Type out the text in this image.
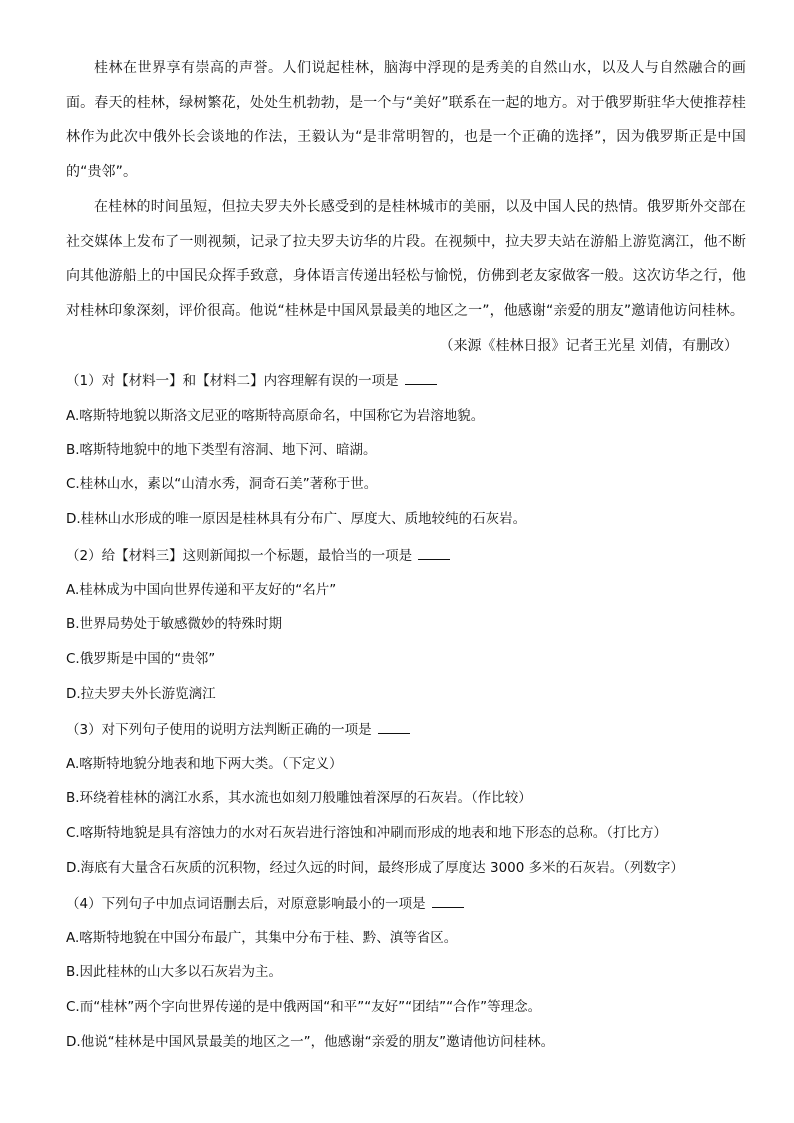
桂林在世界享有崇高的声誉。人们说起桂林，脑海中浮现的是秀美的自然山水，以及人与自然融合的画面。春天的桂林，绿树繁花，处处生机勃勃，是一个与“美好”联系在一起的地方。对于俄罗斯驻华大使推荐桂林作为此次中俄外长会谈地的作法，王毅认为“是非常明智的，也是一个正确的选择”，因为俄罗斯正是中国的“贵邻”。

在桂林的时间虽短，但拉夫罗夫外长感受到的是桂林城市的美丽，以及中国人民的热情。俄罗斯外交部在社交媒体上发布了一则视频，记录了拉夫罗夫访华的片段。在视频中，拉夫罗夫站在游船上游览漓江，他不断向其他游船上的中国民众挥手致意，身体语言传递出轻松与愉悦，仿佛到老友家做客一般。这次访华之行，他对桂林印象深刻，评价很高。他说“桂林是中国风景最美的地区之一”，他感谢“亲爱的朋友”邀请他访问桂林。

（来源《桂林日报》记者王光星 刘倩，有删改）

（1）对【材料一】和【材料二】内容理解有误的一项是

A.喀斯特地貌以斯洛文尼亚的喀斯特高原命名，中国称它为岩溶地貌。

B.喀斯特地貌中的地下类型有溶洞、地下河、暗湖。

C.桂林山水，素以“山清水秀，洞奇石美”著称于世。

D.桂林山水形成的唯一原因是桂林具有分布广、厚度大、质地较纯的石灰岩。

（2）给【材料三】这则新闻拟一个标题，最恰当的一项是

A.桂林成为中国向世界传递和平友好的“名片”

B.世界局势处于敏感微妙的特殊时期

C.俄罗斯是中国的“贵邻”

D.拉夫罗夫外长游览漓江

（3）对下列句子使用的说明方法判断正确的一项是

A.喀斯特地貌分地表和地下两大类。（下定义）

B.环绕着桂林的漓江水系，其水流也如刻刀般雕蚀着深厚的石灰岩。（作比较）

C.喀斯特地貌是具有溶蚀力的水对石灰岩进行溶蚀和冲刷而形成的地表和地下形态的总称。（打比方）

D.海底有大量含石灰质的沉积物，经过久远的时间，最终形成了厚度达 3000 多米的石灰岩。（列数字）

（4）下列句子中加点词语删去后，对原意影响最小的一项是

A.喀斯特地貌在中国分布最广，其集中分布于桂、黔、滇等省区。

B.因此桂林的山大多以石灰岩为主。

C.而“桂林”两个字向世界传递的是中俄两国“和平”“友好”“团结”“合作”等理念。

D.他说“桂林是中国风景最美的地区之一”，他感谢“亲爱的朋友”邀请他访问桂林。
